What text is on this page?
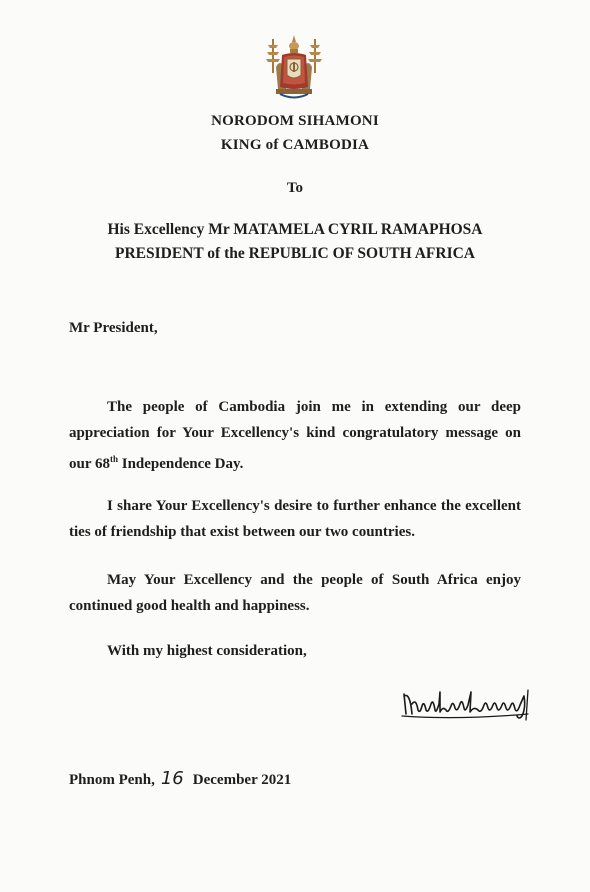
NORODOM SIHAMONI
KING of CAMBODIA
To
His Excellency Mr MATAMELA CYRIL RAMAPHOSA
PRESIDENT of the REPUBLIC OF SOUTH AFRICA
Mr President,

The people of Cambodia join me in extending our deep appreciation for Your Excellency's kind congratulatory message on our 68th Independence Day.

I share Your Excellency's desire to further enhance the excellent ties of friendship that exist between our two countries.

May Your Excellency and the people of South Africa enjoy continued good health and happiness.

With my highest consideration,
Phnom Penh, 16 December 2021
